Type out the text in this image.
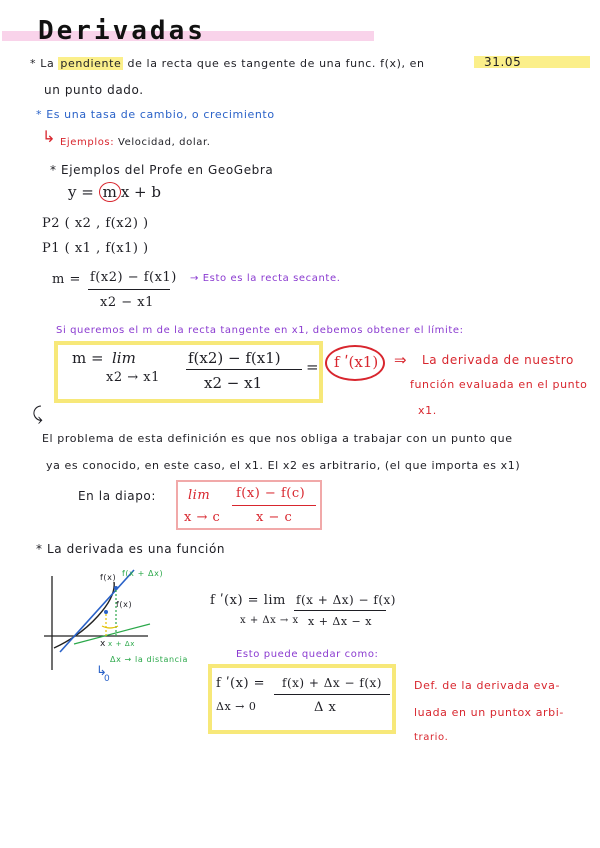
Derivadas
31.05
* La pendiente de la recta que es tangente de una func. f(x), en
un punto dado.
* Es una tasa de cambio, o crecimiento
↳ Ejemplos: Velocidad, dolar.
* Ejemplos del Profe en GeoGebra
y = m x + b
P2 ( x2 , f(x2) )
P1 ( x1 , f(x1) )
m = f(x2) − f(x1)
x2 − x1
→ Esto es la recta secante.
Si queremos el m de la recta tangente en x1, debemos obtener el límite:
m = lim
x2 → x1
f(x2) − f(x1)
x2 − x1
= f ʹ(x1) ⇒ La derivada de nuestro
función evaluada en el punto
x1.
⤹
El problema de esta definición es que nos obliga a trabajar con un punto que
ya es conocido, en este caso, el x1. El x2 es arbitrario, (el que importa es x1)
En la diapo: lim
x → c
f(x) − f(c)
x − c
* La derivada es una función
f(x) f(x + Δx)
f(x)
x x + Δx
Δx → la distancia
↳
0
f ʹ(x) = lim
x + Δx → x
f(x + Δx) − f(x)
x + Δx − x
Esto puede quedar como:
f ʹ(x) =
Δx → 0
f(x) + Δx − f(x)
Δ x
Def. de la derivada eva-
luada en un puntox arbi-
trario.
